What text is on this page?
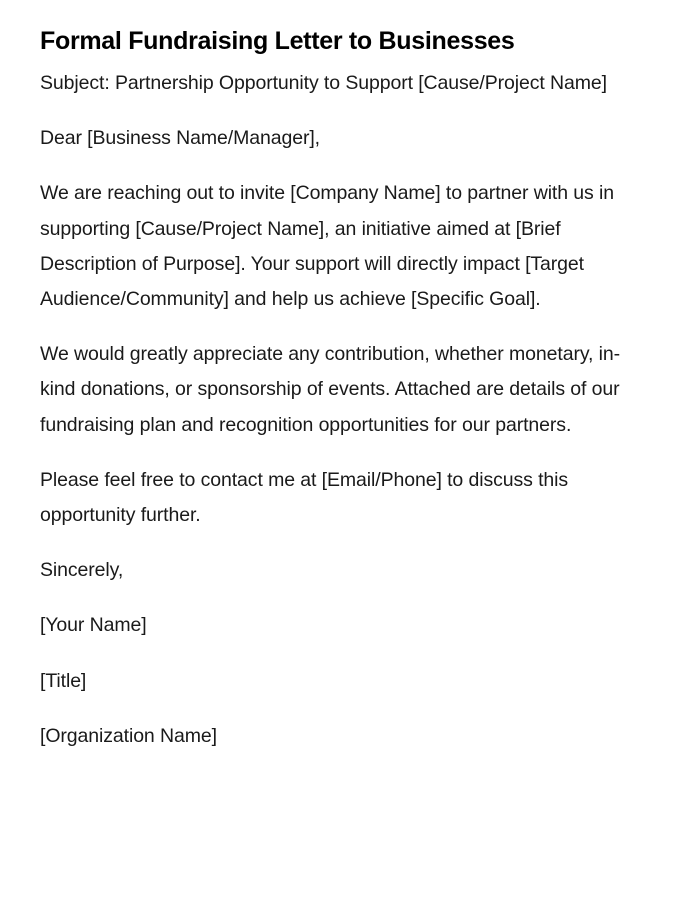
Formal Fundraising Letter to Businesses

Subject: Partnership Opportunity to Support [Cause/Project Name]

Dear [Business Name/Manager],

We are reaching out to invite [Company Name] to partner with us in supporting [Cause/Project Name], an initiative aimed at [Brief Description of Purpose]. Your support will directly impact [Target Audience/Community] and help us achieve [Specific Goal].

We would greatly appreciate any contribution, whether monetary, in-kind donations, or sponsorship of events. Attached are details of our fundraising plan and recognition opportunities for our partners.

Please feel free to contact me at [Email/Phone] to discuss this opportunity further.

Sincerely,

[Your Name]

[Title]

[Organization Name]
